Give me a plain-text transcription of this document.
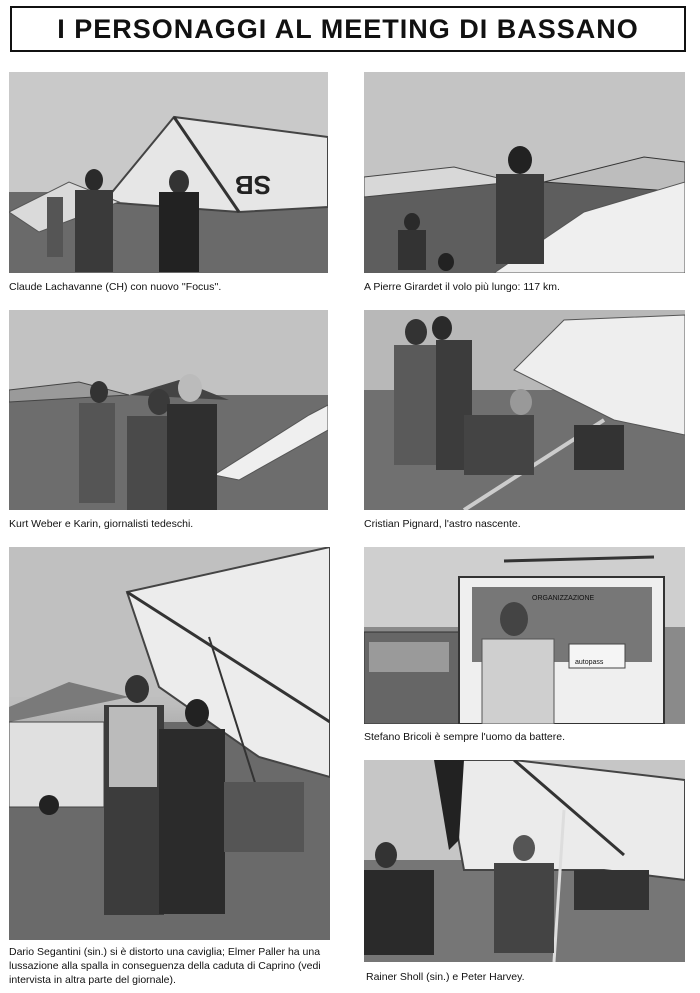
I PERSONAGGI AL MEETING DI BASSANO
SB
Claude Lachavanne (CH) con nuovo ''Focus''.	A Pierre Girardet il volo più lungo: 117 km.
Kurt Weber e Karin, giornalisti tedeschi.	Cristian Pignard, l'astro nascente.
Dario Segantini (sin.) si è distorto una caviglia; Elmer Paller ha una lussazione alla spalla in conseguenza della caduta di Caprino (vedi intervista in altra parte del giornale).
ORGANIZZAZIONE
autopass
Stefano Bricoli è sempre l'uomo da battere.
Rainer Sholl (sin.) e Peter Harvey.
